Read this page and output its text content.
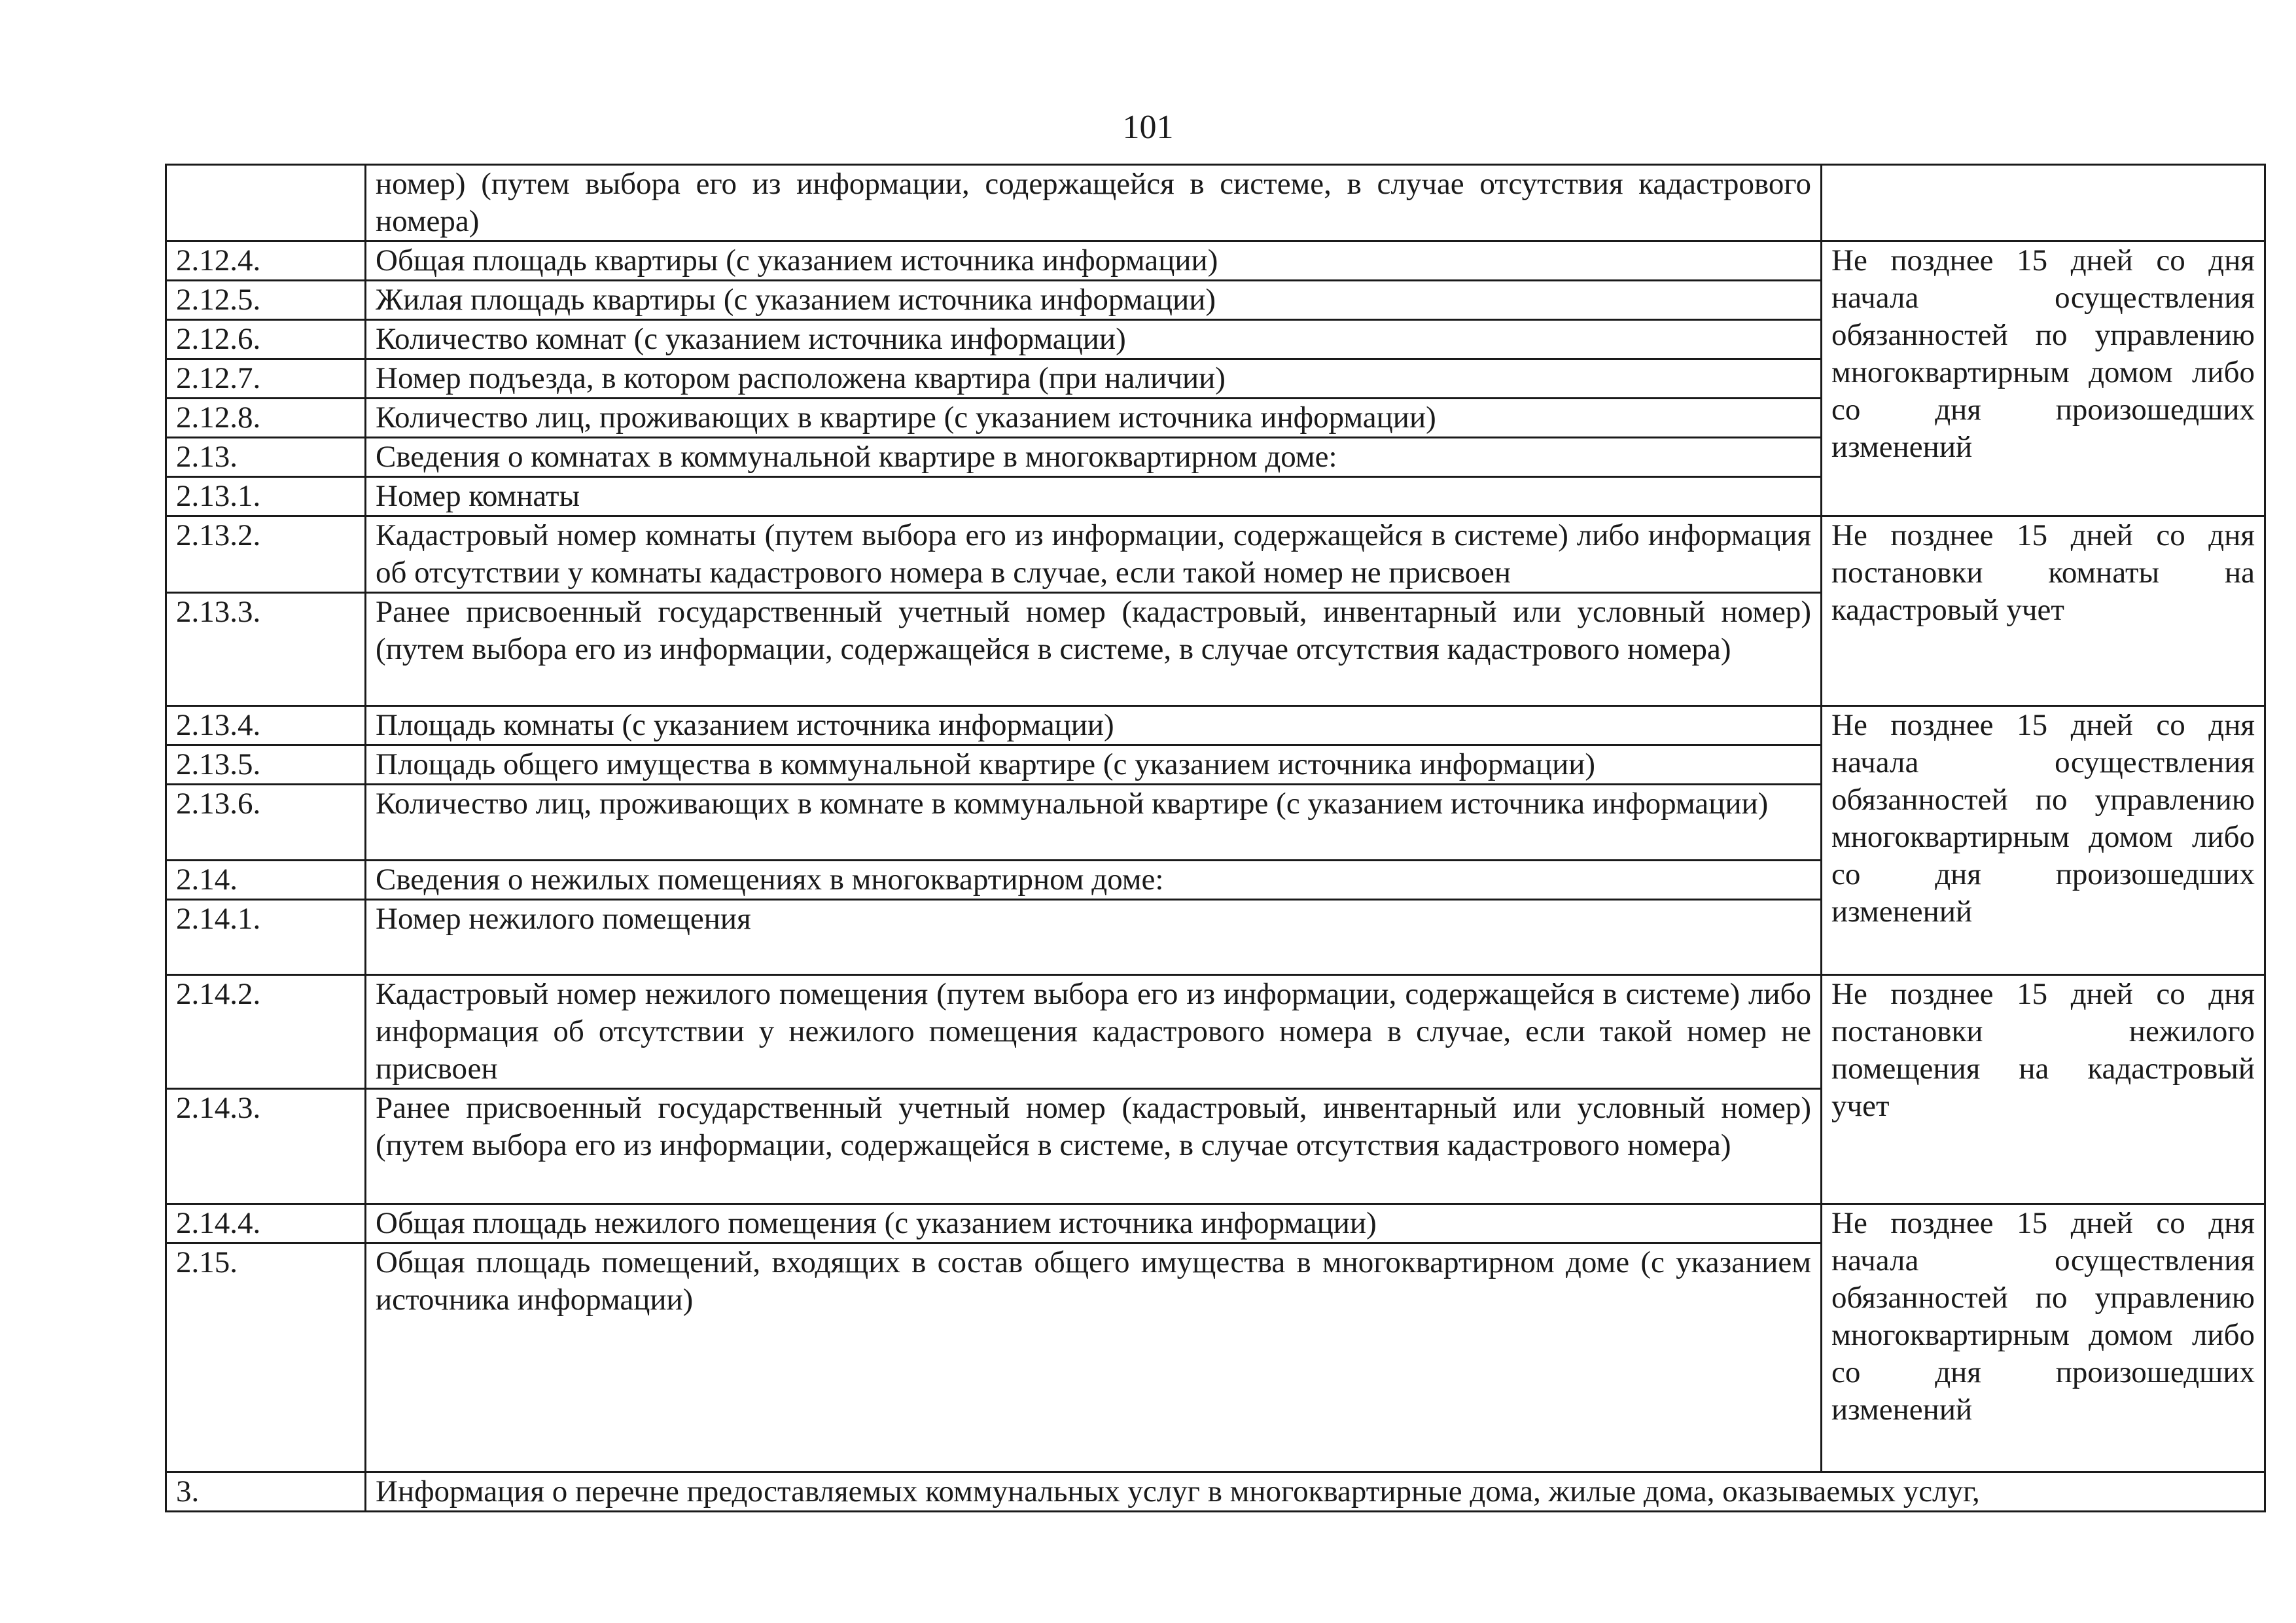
101
	номер) (путем выбора его из информации, содержащейся в системе, в случае отсутствия кадастрового номера)	
2.12.4.	Общая площадь квартиры (с указанием источника информации)	Не позднее 15 дней со дня начала осуществления обязанностей по управлению многоквартирным домом либо со дня произошедших изменений
2.12.5.	Жилая площадь квартиры (с указанием источника информации)	
2.12.6.	Количество комнат (с указанием источника информации)	
2.12.7.	Номер подъезда, в котором расположена квартира (при наличии)	
2.12.8.	Количество лиц, проживающих в квартире (с указанием источника информации)	
2.13.	Сведения о комнатах в коммунальной квартире в многоквартирном доме:	
2.13.1.	Номер комнаты	
2.13.2.	Кадастровый номер комнаты (путем выбора его из информации, содержащейся в системе) либо информация об отсутствии у комнаты кадастрового номера в случае, если такой номер не присвоен	Не позднее 15 дней со дня постановки комнаты на кадастровый учет
2.13.3.	Ранее присвоенный государственный учетный номер (кадастровый, инвентарный или условный номер) (путем выбора его из информации, содержащейся в системе, в случае отсутствия кадастрового номера)	
2.13.4.	Площадь комнаты (с указанием источника информации)	Не позднее 15 дней со дня начала осуществления обязанностей по управлению многоквартирным домом либо со дня произошедших изменений
2.13.5.	Площадь общего имущества в коммунальной квартире (с указанием источника информации)	
2.13.6.	Количество лиц, проживающих в комнате в коммунальной квартире (с указанием источника информации)	
2.14.	Сведения о нежилых помещениях в многоквартирном доме:	
2.14.1.	Номер нежилого помещения	
2.14.2.	Кадастровый номер нежилого помещения (путем выбора его из информации, содержащейся в системе) либо информация об отсутствии у нежилого помещения кадастрового номера в случае, если такой номер не присвоен	Не позднее 15 дней со дня постановки нежилого помещения на кадастровый учет
2.14.3.	Ранее присвоенный государственный учетный номер (кадастровый, инвентарный или условный номер) (путем выбора его из информации, содержащейся в системе, в случае отсутствия кадастрового номера)	
2.14.4.	Общая площадь нежилого помещения (с указанием источника информации)	Не позднее 15 дней со дня начала осуществления обязанностей по управлению многоквартирным домом либо со дня произошедших изменений
2.15.	Общая площадь помещений, входящих в состав общего имущества в многоквартирном доме (с указанием источника информации)	
3.	Информация о перечне предоставляемых коммунальных услуг в многоквартирные дома, жилые дома, оказываемых услуг,	
